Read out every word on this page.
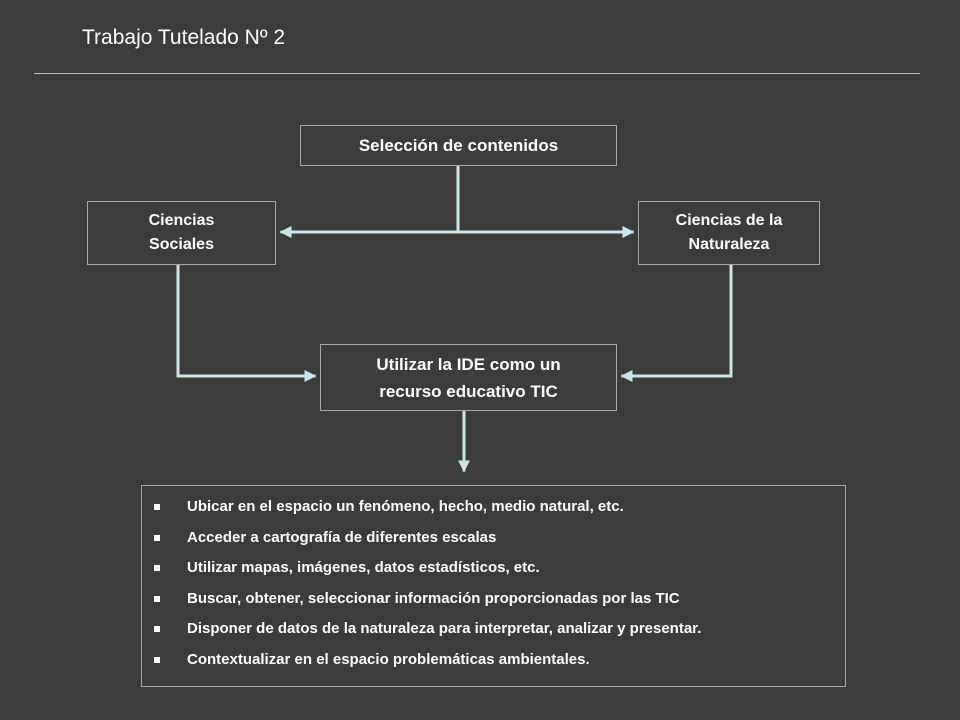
Trabajo Tutelado Nº 2
Selección de contenidos
Ciencias
Sociales
Ciencias de la
Naturaleza
Utilizar la IDE como un
recurso educativo TIC
Ubicar en el espacio un fenómeno, hecho, medio natural, etc.
Acceder a cartografía de diferentes escalas
Utilizar mapas, imágenes, datos estadísticos, etc.
Buscar, obtener, seleccionar información proporcionadas por las TIC
Disponer de datos de la naturaleza para interpretar, analizar y presentar.
Contextualizar en el espacio problemáticas ambientales.
